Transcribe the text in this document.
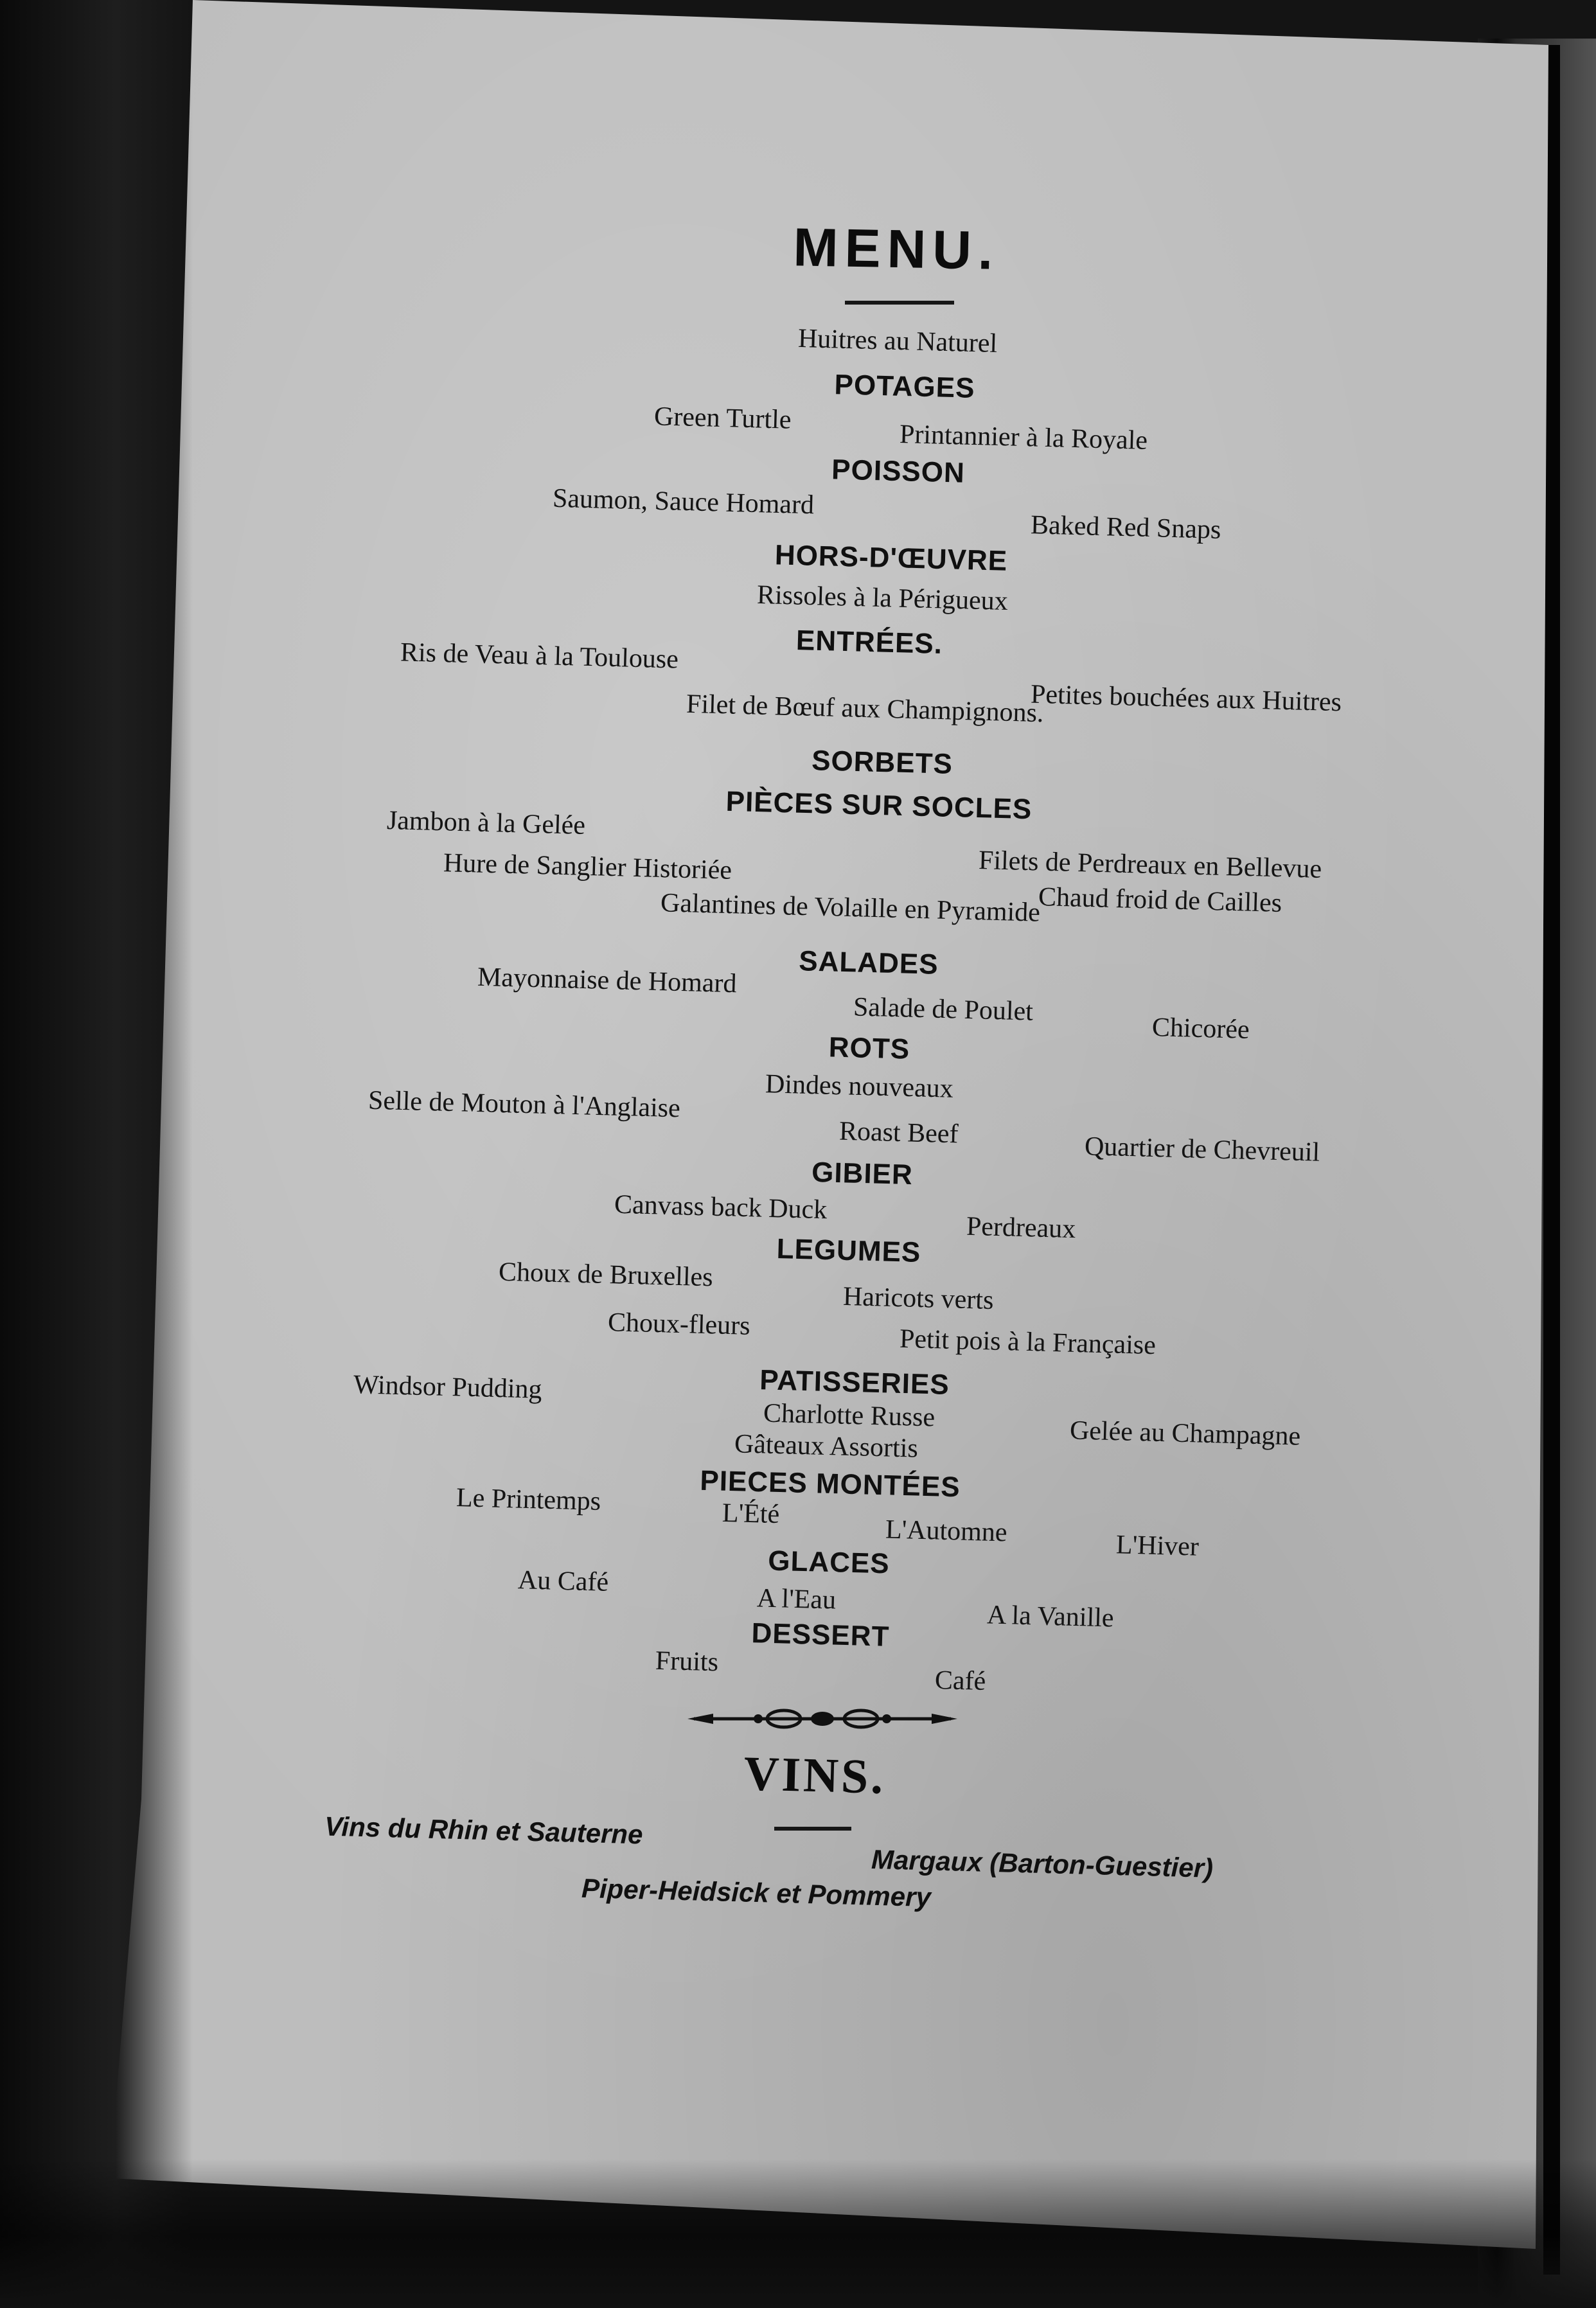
MENU.
Huitres au Naturel
POTAGES
Green Turtle
Printannier à la Royale
POISSON
Saumon, Sauce Homard
Baked Red Snaps
HORS-D'ŒUVRE
Rissoles à la Périgueux
ENTRÉES.
Ris de Veau à la Toulouse
Petites bouchées aux Huitres
Filet de Bœuf aux Champignons.
SORBETS
PIÈCES SUR SOCLES
Jambon à la Gelée
Hure de Sanglier Historiée	Filets de Perdreaux en Bellevue
Chaud froid de Cailles
Galantines de Volaille en Pyramide
SALADES
Mayonnaise de Homard
Salade de Poulet
Chicorée
ROTS
Dindes nouveaux
Selle de Mouton à l'Anglaise
Roast Beef	Quartier de Chevreuil
GIBIER
Canvass back Duck
Perdreaux
LEGUMES
Choux de Bruxelles
Haricots verts
Choux-fleurs	Petit pois à la Française
PATISSERIES
Windsor Pudding
Charlotte Russe
Gelée au Champagne
Gâteaux Assortis
PIECES MONTÉES
Le Printemps	L'Été
L'Automne	L'Hiver
GLACES
Au Café
A l'Eau
A la Vanille
DESSERT
Fruits
Café
VINS.
Vins du Rhin et Sauterne
Margaux (Barton-Guestier)
Piper-Heidsick et Pommery
